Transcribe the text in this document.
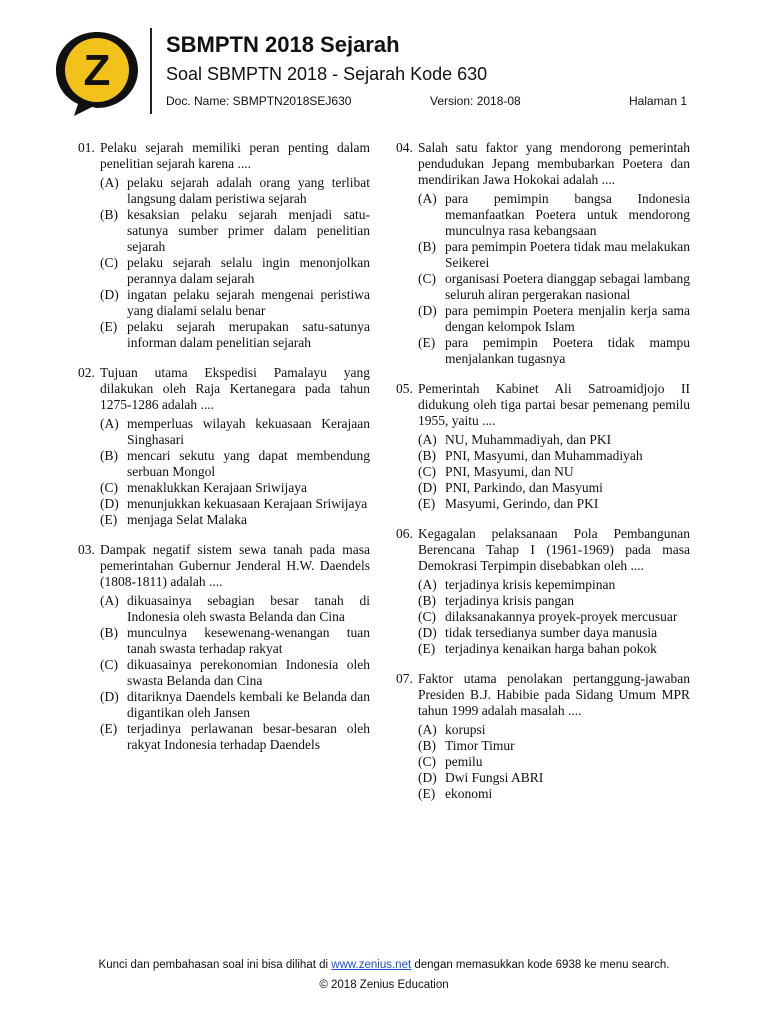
Z
SBMPTN 2018 Sejarah
Soal SBMPTN 2018 - Sejarah Kode 630
Doc. Name: SBMPTN2018SEJ630	Version: 2018-08	Halaman 1
01. Pelaku sejarah memiliki peran penting dalam penelitian sejarah karena ....
(A) pelaku sejarah adalah orang yang terlibat langsung dalam peristiwa sejarah
(B) kesaksian pelaku sejarah menjadi satu-satunya sumber primer dalam penelitian sejarah
(C) pelaku sejarah selalu ingin menonjolkan perannya dalam sejarah
(D) ingatan pelaku sejarah mengenai peristiwa yang dialami selalu benar
(E) pelaku sejarah merupakan satu-satunya informan dalam penelitian sejarah
02. Tujuan utama Ekspedisi Pamalayu yang dilakukan oleh Raja Kertanegara pada tahun 1275-1286 adalah ....
(A) memperluas wilayah kekuasaan Kerajaan Singhasari
(B) mencari sekutu yang dapat membendung serbuan Mongol
(C) menaklukkan Kerajaan Sriwijaya
(D) menunjukkan kekuasaan Kerajaan Sriwijaya
(E) menjaga Selat Malaka
03. Dampak negatif sistem sewa tanah pada masa pemerintahan Gubernur Jenderal H.W. Daendels (1808-1811) adalah ....
(A) dikuasainya sebagian besar tanah di Indonesia oleh swasta Belanda dan Cina
(B) munculnya kesewenang-wenangan tuan tanah swasta terhadap rakyat
(C) dikuasainya perekonomian Indonesia oleh swasta Belanda dan Cina
(D) ditariknya Daendels kembali ke Belanda dan digantikan oleh Jansen
(E) terjadinya perlawanan besar-besaran oleh rakyat Indonesia terhadap Daendels
04. Salah satu faktor yang mendorong pemerintah pendudukan Jepang membubarkan Poetera dan mendirikan Jawa Hokokai adalah ....
(A) para pemimpin bangsa Indonesia memanfaatkan Poetera untuk mendorong munculnya rasa kebangsaan
(B) para pemimpin Poetera tidak mau melakukan Seikerei
(C) organisasi Poetera dianggap sebagai lambang seluruh aliran pergerakan nasional
(D) para pemimpin Poetera menjalin kerja sama dengan kelompok Islam
(E) para pemimpin Poetera tidak mampu menjalankan tugasnya
05. Pemerintah Kabinet Ali Satroamidjojo II didukung oleh tiga partai besar pemenang pemilu 1955, yaitu ....
(A) NU, Muhammadiyah, dan PKI
(B) PNI, Masyumi, dan Muhammadiyah
(C) PNI, Masyumi, dan NU
(D) PNI, Parkindo, dan Masyumi
(E) Masyumi, Gerindo, dan PKI
06. Kegagalan pelaksanaan Pola Pembangunan Berencana Tahap I (1961-1969) pada masa Demokrasi Terpimpin disebabkan oleh ....
(A) terjadinya krisis kepemimpinan
(B) terjadinya krisis pangan
(C) dilaksanakannya proyek-proyek mercusuar
(D) tidak tersedianya sumber daya manusia
(E) terjadinya kenaikan harga bahan pokok
07. Faktor utama penolakan pertanggung-jawaban Presiden B.J. Habibie pada Sidang Umum MPR tahun 1999 adalah masalah ....
(A) korupsi
(B) Timor Timur
(C) pemilu
(D) Dwi Fungsi ABRI
(E) ekonomi
Kunci dan pembahasan soal ini bisa dilihat di www.zenius.net dengan memasukkan kode 6938 ke menu search.
© 2018 Zenius Education
